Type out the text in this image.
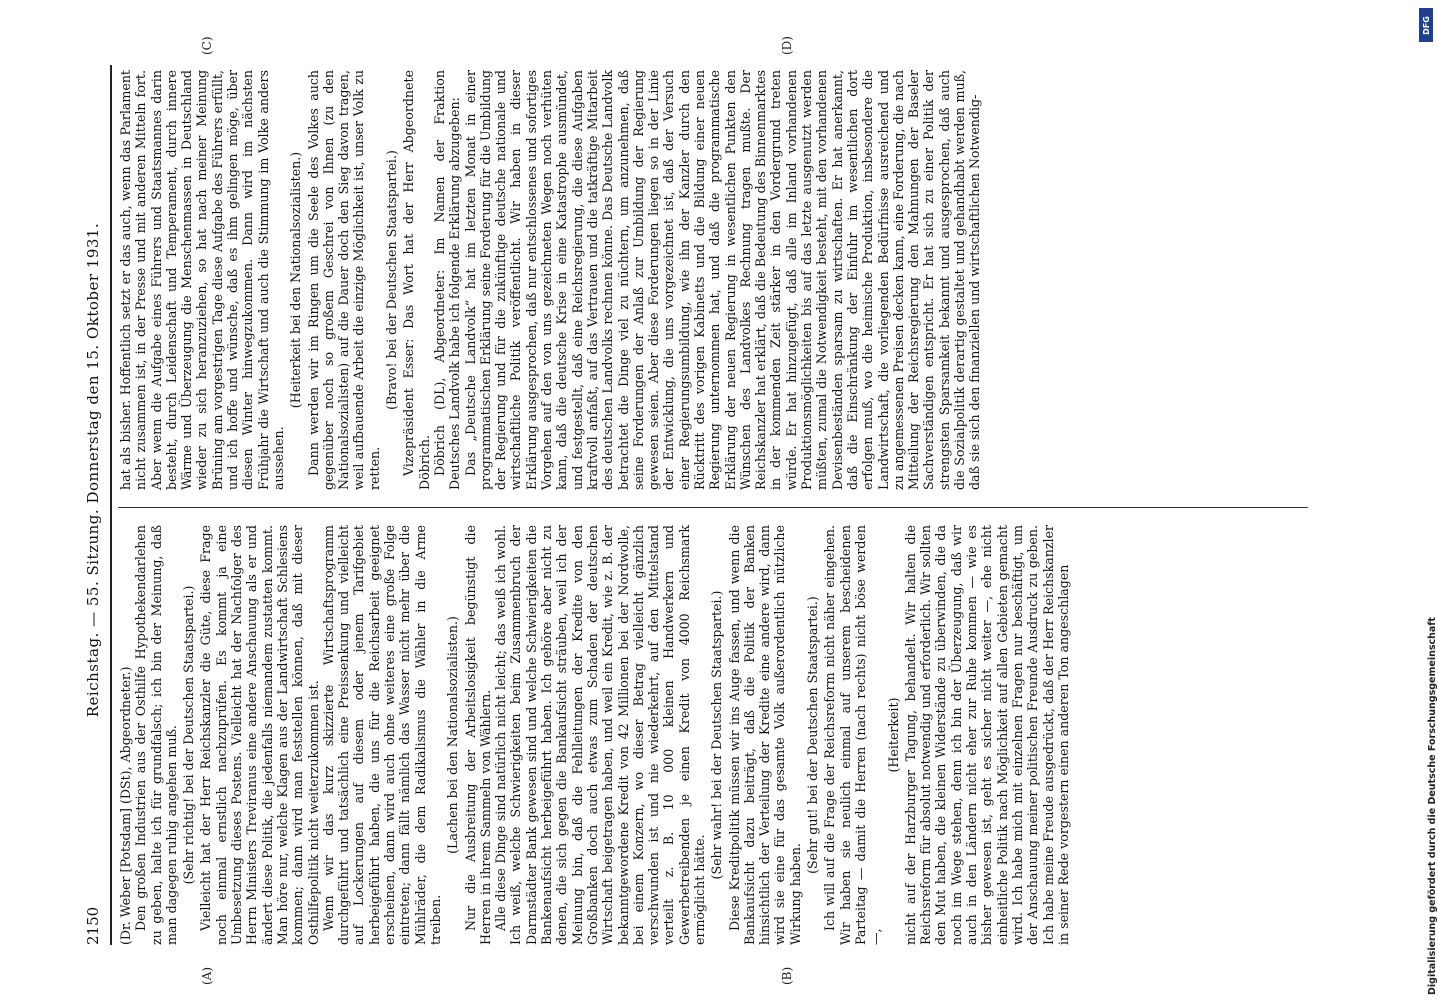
2150
Reichstag. — 55. Sitzung. Donnerstag den 15. Oktober 1931.

(Dr. Weber [Potsdam] (DSt), Abgeordneter.) Den großen Industrien aus der Osthilfe Hypothekendarlehen zu geben, halte ich für grundfalsch; ich bin der Meinung, daß man dagegen ruhig angehen muß. (Sehr richtig! bei der Deutschen Staatspartei.) Vielleicht hat der Herr Reichskanzler die Güte, diese Frage noch einmal ernstlich nachzuprüfen. Es kommt ja eine Umbesetzung dieses Postens. Vielleicht hat der Nachfolger des Herrn Ministers Treviranus eine andere Anschauung als er und ändert diese Politik, die jedenfalls niemandem zustatten kommt. Man höre nur, welche Klagen aus der Landwirtschaft Schlesiens kommen; dann wird man feststellen können, daß mit dieser Osthilfepolitik nicht weiterzukommen ist. Wenn wir das kurz skizzierte Wirtschaftsprogramm durchgeführt und tatsächlich eine Preissenkung und vielleicht auf Lockerungen auf diesem oder jenem Tarifgebiet herbeigeführt haben, die uns für die Reichsarbeit geeignet erscheinen, dann wird auch ohne weiteres eine große Folge eintreten; dann fällt nämlich das Wasser nicht mehr über die Mühlräder, die dem Radikalismus die Wähler in die Arme treiben.

(Lachen bei den Nationalsozialisten.) Nur die Ausbreitung der Arbeitslosigkeit begünstigt die Herren in ihrem Sammeln von Wählern. Alle diese Dinge sind natürlich nicht leicht; das weiß ich wohl. Ich weiß, welche Schwierigkeiten beim Zusammenbruch der Darmstädter Bank gewesen sind und welche Schwierigkeiten die Bankenaufsicht herbeigeführt haben. Ich gehöre aber nicht zu denen, die sich gegen die Bankaufsicht sträuben, weil ich der Meinung bin, daß die Fehlleitungen der Kredite von den Großbanken doch auch etwas zum Schaden der deutschen Wirtschaft beigetragen haben, und weil ein Kredit, wie z. B. der bekanntgewordene Kredit von 42 Millionen bei der Nordwolle, bei einem Konzern, wo dieser Betrag vielleicht gänzlich verschwunden ist und nie wiederkehrt, auf den Mittelstand verteilt z. B. 10 000 kleinen Handwerkern und Gewerbetreibenden je einen Kredit von 4000 Reichsmark ermöglicht hätte.

(Sehr wahr! bei der Deutschen Staatspartei.) Diese Kreditpolitik müssen wir ins Auge fassen, und wenn die Bankaufsicht dazu beiträgt, daß die Politik der Banken hinsichtlich der Verteilung der Kredite eine andere wird, dann wird sie eine für das gesamte Volk außerordentlich nützliche Wirkung haben.

(Sehr gut! bei der Deutschen Staatspartei.) Ich will auf die Frage der Reichsreform nicht näher eingehen. Wir haben sie neulich einmal auf unserem bescheidenen Parteitag — damit die Herren (nach rechts) nicht böse werden —,

(Heiterkeit) nicht auf der Harzburger Tagung, behandelt. Wir halten die Reichsreform für absolut notwendig und erforderlich. Wir sollten den Mut haben, die kleinen Widerstände zu überwinden, die da noch im Wege stehen, denn ich bin der Überzeugung, daß wir auch in den Ländern nicht eher zur Ruhe kommen — wie es bisher gewesen ist, geht es sicher nicht weiter —, ehe nicht einheitliche Politik nach Möglichkeit auf allen Gebieten gemacht wird. Ich habe mich mit einzelnen Fragen nur beschäftigt, um der Anschauung meiner politischen Freunde Ausdruck zu geben. Ich habe meine Freude ausgedrückt, daß der Herr Reichskanzler in seiner Rede vorgestern einen anderen Ton angeschlagen

hat als bisher. Hoffentlich setzt er das auch, wenn das Parlament nicht zusammen ist, in der Presse und mit anderen Mitteln fort. Aber wenn die Aufgabe eines Führers und Staatsmannes darin besteht, durch Leidenschaft und Temperament, durch innere Wärme und Überzeugung die Menschenmassen in Deutschland wieder zu sich heranzuziehen, so hat nach meiner Meinung Brüning am vorgestrigen Tage diese Aufgabe des Führers erfüllt, und ich hoffe und wünsche, daß es ihm gelingen möge, über diesen Winter hinwegzukommen. Dann wird im nächsten Frühjahr die Wirtschaft und auch die Stimmung im Volke anders aussehen.

(Heiterkeit bei den Nationalsozialisten.) Dann werden wir im Ringen um die Seele des Volkes auch gegenüber noch so großem Geschrei von Ihnen (zu den Nationalsozialisten) auf die Dauer doch den Sieg davon tragen, weil aufbauende Arbeit die einzige Möglichkeit ist, unser Volk zu retten.

(Bravo! bei der Deutschen Staatspartei.) Vizepräsident Esser: Das Wort hat der Herr Abgeordnete Döbrich. Döbrich (DL), Abgeordneter: Im Namen der Fraktion Deutsches Landvolk habe ich folgende Erklärung abzugeben: Das „Deutsche Landvolk“ hat im letzten Monat in einer programmatischen Erklärung seine Forderung für die Umbildung der Regierung und für die zukünftige deutsche nationale und wirtschaftliche Politik veröffentlicht. Wir haben in dieser Erklärung ausgesprochen, daß nur entschlossenes und sofortiges Vorgehen auf den von uns gezeichneten Wegen noch verhüten kann, daß die deutsche Krise in eine Katastrophe ausmündet, und festgestellt, daß eine Reichsregierung, die diese Aufgaben kraftvoll anfaßt, auf das Vertrauen und die tatkräftige Mitarbeit des deutschen Landvolks rechnen könne. Das Deutsche Landvolk betrachtet die Dinge viel zu nüchtern, um anzunehmen, daß seine Forderungen der Anlaß zur Umbildung der Regierung gewesen seien. Aber diese Forderungen liegen so in der Linie der Entwicklung, die uns vorgezeichnet ist, daß der Versuch einer Regierungsumbildung, wie ihn der Kanzler durch den Rücktritt des vorigen Kabinetts und die Bildung einer neuen Regierung unternommen hat, und daß die programmatische Erklärung der neuen Regierung in wesentlichen Punkten den Wünschen des Landvolkes Rechnung tragen mußte. Der Reichskanzler hat erklärt, daß die Bedeutung des Binnenmarktes in der kommenden Zeit stärker in den Vordergrund treten würde. Er hat hinzugefügt, daß alle im Inland vorhandenen Produktionsmöglichkeiten bis auf das letzte ausgenutzt werden müßten, zumal die Notwendigkeit besteht, mit den vorhandenen Devisenbeständen sparsam zu wirtschaften. Er hat anerkannt, daß die Einschränkung der Einfuhr im wesentlichen dort erfolgen muß, wo die heimische Produktion, insbesondere die Landwirtschaft, die vorliegenden Bedürfnisse ausreichend und zu angemessenen Preisen decken kann, eine Forderung, die nach Mitteilung der Reichsregierung den Mahnungen der Baseler Sachverständigen entspricht. Er hat sich zu einer Politik der strengsten Sparsamkeit bekannt und ausgesprochen, daß auch die Sozialpolitik derartig gestaltet und gehandhabt werden muß, daß sie sich den finanziellen und wirtschaftlichen Notwendig-

(A)	(B)
(C)	(D)
DFG
Digitalisierung gefördert durch die Deutsche Forschungsgemeinschaft
